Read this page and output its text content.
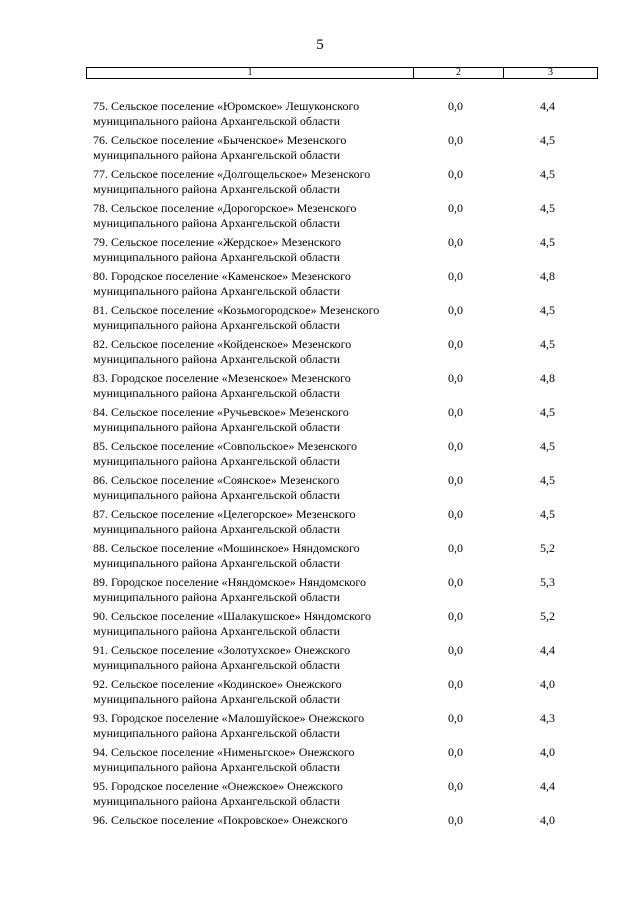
5
1	2	3
75. Сельское поселение «Юромское» Лешуконского
муниципального района Архангельской области
0,0	4,4
76. Сельское поселение «Быченское» Мезенского
муниципального района Архангельской области
0,0	4,5
77. Сельское поселение «Долгощельское» Мезенского
муниципального района Архангельской области
0,0	4,5
78. Сельское поселение «Дорогорское» Мезенского
муниципального района Архангельской области
0,0	4,5
79. Сельское поселение «Жердское» Мезенского
муниципального района Архангельской области
0,0	4,5
80. Городское поселение «Каменское» Мезенского
муниципального района Архангельской области
0,0	4,8
81. Сельское поселение «Козьмогородское» Мезенского
муниципального района Архангельской области
0,0	4,5
82. Сельское поселение «Койденское» Мезенского
муниципального района Архангельской области
0,0	4,5
83. Городское поселение «Мезенское» Мезенского
муниципального района Архангельской области
0,0	4,8
84. Сельское поселение «Ручьевское» Мезенского
муниципального района Архангельской области
0,0	4,5
85. Сельское поселение «Совпольское» Мезенского
муниципального района Архангельской области
0,0	4,5
86. Сельское поселение «Соянское» Мезенского
муниципального района Архангельской области
0,0	4,5
87. Сельское поселение «Целегорское» Мезенского
муниципального района Архангельской области
0,0	4,5
88. Сельское поселение «Мошинское» Няндомского
муниципального района Архангельской области
0,0	5,2
89. Городское поселение «Няндомское» Няндомского
муниципального района Архангельской области
0,0	5,3
90. Сельское поселение «Шалакушское» Няндомского
муниципального района Архангельской области
0,0	5,2
91. Сельское поселение «Золотухское» Онежского
муниципального района Архангельской области
0,0	4,4
92. Сельское поселение «Кодинское» Онежского
муниципального района Архангельской области
0,0	4,0
93. Городское поселение «Малошуйское» Онежского
муниципального района Архангельской области
0,0	4,3
94. Сельское поселение «Нименьгское» Онежского
муниципального района Архангельской области
0,0	4,0
95. Городское поселение «Онежское» Онежского
муниципального района Архангельской области
0,0	4,4
96. Сельское поселение «Покровское» Онежского	0,0	4,0
